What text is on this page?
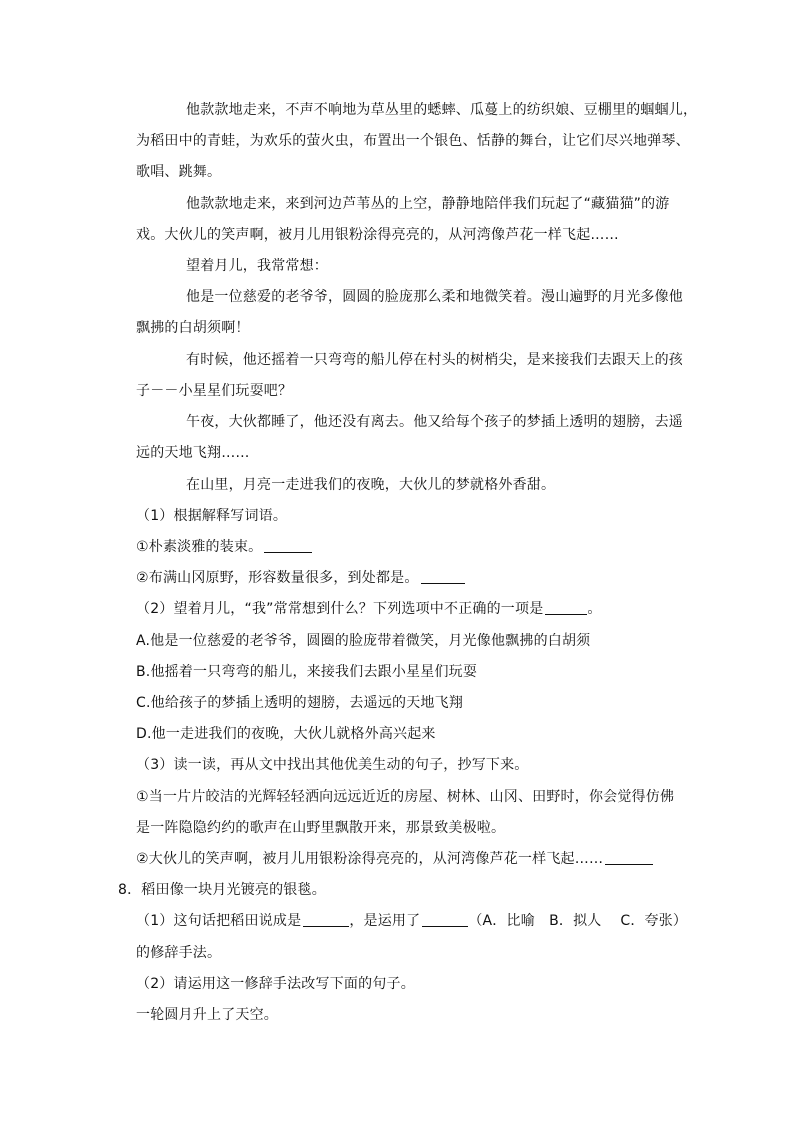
他款款地走来，不声不响地为草丛里的蟋蟀、瓜蔓上的纺织娘、豆棚里的蝈蝈儿，
为稻田中的青蛙，为欢乐的萤火虫，布置出一个银色、恬静的舞台，让它们尽兴地弹琴、
歌唱、跳舞。
他款款地走来，来到河边芦苇丛的上空，静静地陪伴我们玩起了“藏猫猫”的游
戏。大伙儿的笑声啊，被月儿用银粉涂得亮亮的，从河湾像芦花一样飞起……
望着月儿，我常常想：
他是一位慈爱的老爷爷，圆圆的脸庞那么柔和地微笑着。漫山遍野的月光多像他
飘拂的白胡须啊！
有时候，他还摇着一只弯弯的船儿停在村头的树梢尖，是来接我们去跟天上的孩
子－－小星星们玩耍吧？
午夜，大伙都睡了，他还没有离去。他又给每个孩子的梦插上透明的翅膀，去遥
远的天地飞翔……
在山里，月亮一走进我们的夜晚，大伙儿的梦就格外香甜。
（1）根据解释写词语。
①朴素淡雅的装束。
②布满山冈原野，形容数量很多，到处都是。
（2）望着月儿，“我”常常想到什么？下列选项中不正确的一项是	。
A.他是一位慈爱的老爷爷，圆圈的脸庞带着微笑，月光像他飘拂的白胡须
B.他摇着一只弯弯的船儿，来接我们去跟小星星们玩耍
C.他给孩子的梦插上透明的翅膀，去遥远的天地飞翔
D.他一走进我们的夜晚，大伙儿就格外高兴起来
（3）读一读，再从文中找出其他优美生动的句子，抄写下来。
①当一片片皎洁的光辉轻轻洒向远远近近的房屋、树林、山冈、田野时，你会觉得仿佛
是一阵隐隐约约的歌声在山野里飘散开来，那景致美极啦。
②大伙儿的笑声啊，被月儿用银粉涂得亮亮的，从河湾像芦花一样飞起……
8．稻田像一块月光镀亮的银毯。
（1）这句话把稻田说成是	，是运用了	（A．比喻　B．拟人　 C．夸张）
的修辞手法。
（2）请运用这一修辞手法改写下面的句子。
一轮圆月升上了天空。
